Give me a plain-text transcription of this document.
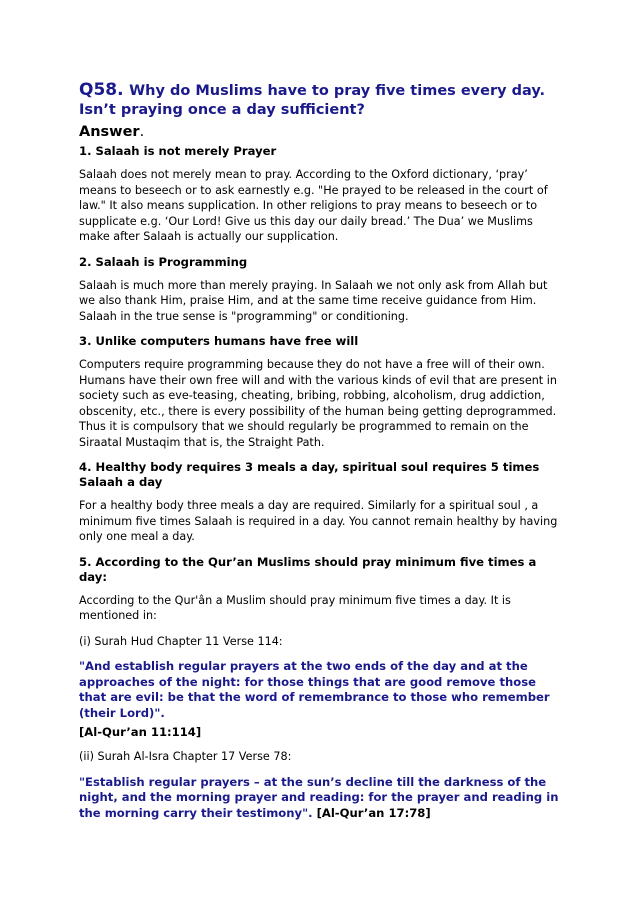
Q58. Why do Muslims have to pray five times every day.
Isn’t praying once a day sufficient?
Answer.
1. Salaah is not merely Prayer

Salaah does not merely mean to pray. According to the Oxford dictionary, ‘pray’ means to beseech or to ask earnestly e.g. "He prayed to be released in the court of law." It also means supplication. In other religions to pray means to beseech or to supplicate e.g. ‘Our Lord! Give us this day our daily bread.’ The Dua’ we Muslims make after Salaah is actually our supplication.

2. Salaah is Programming

Salaah is much more than merely praying. In Salaah we not only ask from Allah but we also thank Him, praise Him, and at the same time receive guidance from Him. Salaah in the true sense is "programming" or conditioning.

3. Unlike computers humans have free will

Computers require programming because they do not have a free will of their own. Humans have their own free will and with the various kinds of evil that are present in society such as eve-teasing, cheating, bribing, robbing, alcoholism, drug addiction, obscenity, etc., there is every possibility of the human being getting deprogrammed. Thus it is compulsory that we should regularly be programmed to remain on the Siraatal Mustaqim that is, the Straight Path.

4. Healthy body requires 3 meals a day, spiritual soul requires 5 times Salaah a day

For a healthy body three meals a day are required. Similarly for a spiritual soul , a minimum five times Salaah is required in a day. You cannot remain healthy by having only one meal a day.

5. According to the Qur’an Muslims should pray minimum five times a day:

According to the Qur'ân a Muslim should pray minimum five times a day. It is mentioned in:

(i) Surah Hud Chapter 11 Verse 114:

"And establish regular prayers at the two ends of the day and at the approaches of the night: for those things that are good remove those that are evil: be that the word of remembrance to those who remember (their Lord)".
[Al-Qur’an 11:114]

(ii) Surah Al-Isra Chapter 17 Verse 78:

"Establish regular prayers – at the sun’s decline till the darkness of the night, and the morning prayer and reading: for the prayer and reading in the morning carry their testimony". [Al-Qur’an 17:78]
